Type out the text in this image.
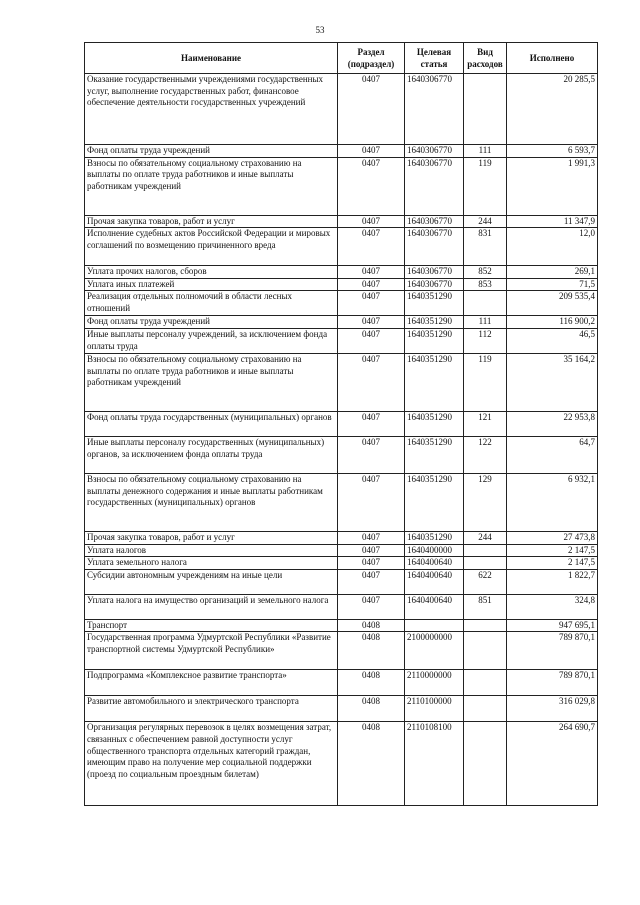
53
Наименование	Раздел (подраздел)	Целевая статья	Вид расходов	Исполнено
Оказание государственными учреждениями государственных услуг, выполнение государственных работ, финансовое обеспечение деятельности государственных учреждений	0407	1640306770		20 285,5
Фонд оплаты труда учреждений	0407	1640306770	111	6 593,7
Взносы по обязательному социальному страхованию на выплаты по оплате труда работников и иные выплаты работникам учреждений	0407	1640306770	119	1 991,3
Прочая закупка товаров, работ и услуг	0407	1640306770	244	11 347,9
Исполнение судебных актов Российской Федерации и мировых соглашений по возмещению причиненного вреда	0407	1640306770	831	12,0
Уплата прочих налогов, сборов	0407	1640306770	852	269,1
Уплата иных платежей	0407	1640306770	853	71,5
Реализация отдельных полномочий в области лесных отношений	0407	1640351290		209 535,4
Фонд оплаты труда учреждений	0407	1640351290	111	116 900,2
Иные выплаты персоналу учреждений, за исключением фонда оплаты труда	0407	1640351290	112	46,5
Взносы по обязательному социальному страхованию на выплаты по оплате труда работников и иные выплаты работникам учреждений	0407	1640351290	119	35 164,2
Фонд оплаты труда государственных (муниципальных) органов	0407	1640351290	121	22 953,8
Иные выплаты персоналу государственных (муниципальных) органов, за исключением фонда оплаты труда	0407	1640351290	122	64,7
Взносы по обязательному социальному страхованию на выплаты денежного содержания и иные выплаты работникам государственных (муниципальных) органов	0407	1640351290	129	6 932,1
Прочая закупка товаров, работ и услуг	0407	1640351290	244	27 473,8
Уплата налогов	0407	1640400000		2 147,5
Уплата земельного налога	0407	1640400640		2 147,5
Субсидии автономным учреждениям на иные цели	0407	1640400640	622	1 822,7
Уплата налога на имущество организаций и земельного налога	0407	1640400640	851	324,8
Транспорт	0408			947 695,1
Государственная программа Удмуртской Республики «Развитие транспортной системы Удмуртской Республики»	0408	2100000000		789 870,1
Подпрограмма «Комплексное развитие транспорта»	0408	2110000000		789 870,1
Развитие автомобильного и электрического транспорта	0408	2110100000		316 029,8
Организация регулярных перевозок в целях возмещения затрат, связанных с обеспечением равной доступности услуг общественного транспорта отдельных категорий граждан, имеющим право на получение мер социальной поддержки (проезд по социальным проездным билетам)	0408	2110108100		264 690,7
